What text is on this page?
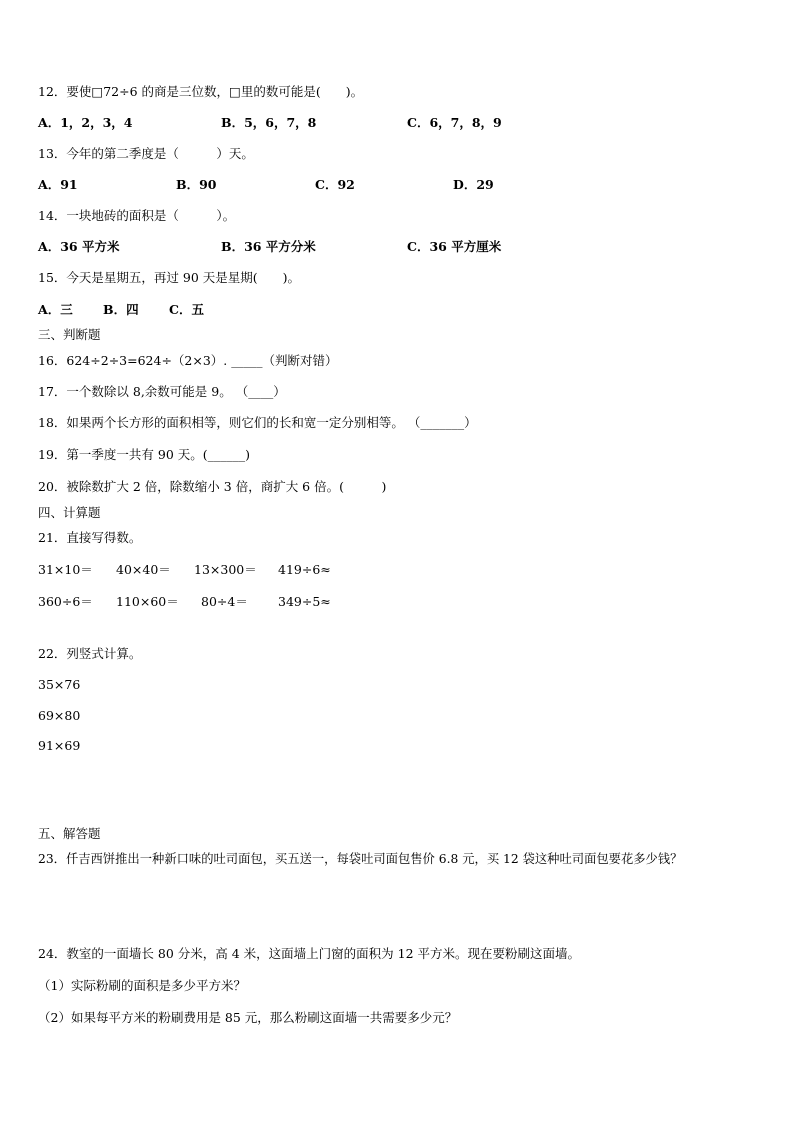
12．要使□72÷6 的商是三位数，□里的数可能是(　　)。
A．1，2，3，4	B．5，6，7，8	C．6，7，8，9
13．今年的第二季度是（　　　）天。
A．91	B．90	C．92	D．29
14．一块地砖的面积是（　　　）。
A．36 平方米	B．36 平方分米	C．36 平方厘米
15．今天是星期五，再过 90 天是星期(　　)。
A．三 B．四 C．五
三、判断题
16．624÷2÷3=624÷（2×3）. _____（判断对错）
17．一个数除以 8,余数可能是 9。 （____）
18．如果两个长方形的面积相等，则它们的长和宽一定分别相等。 （_______）
19．第一季度一共有 90 天。(______)
20．被除数扩大 2 倍，除数缩小 3 倍，商扩大 6 倍。(　　　)
四、计算题
21．直接写得数。
31×10＝ 40×40＝ 13×300＝ 419÷6≈
360÷6＝ 110×60＝ 80÷4＝ 349÷5≈
22．列竖式计算。
35×76
69×80
91×69
五、解答题
23．仟吉西饼推出一种新口味的吐司面包，买五送一，每袋吐司面包售价 6.8 元，买 12 袋这种吐司面包要花多少钱？
24．教室的一面墙长 80 分米，高 4 米，这面墙上门窗的面积为 12 平方米。现在要粉刷这面墙。
（1）实际粉刷的面积是多少平方米？
（2）如果每平方米的粉刷费用是 85 元，那么粉刷这面墙一共需要多少元？
